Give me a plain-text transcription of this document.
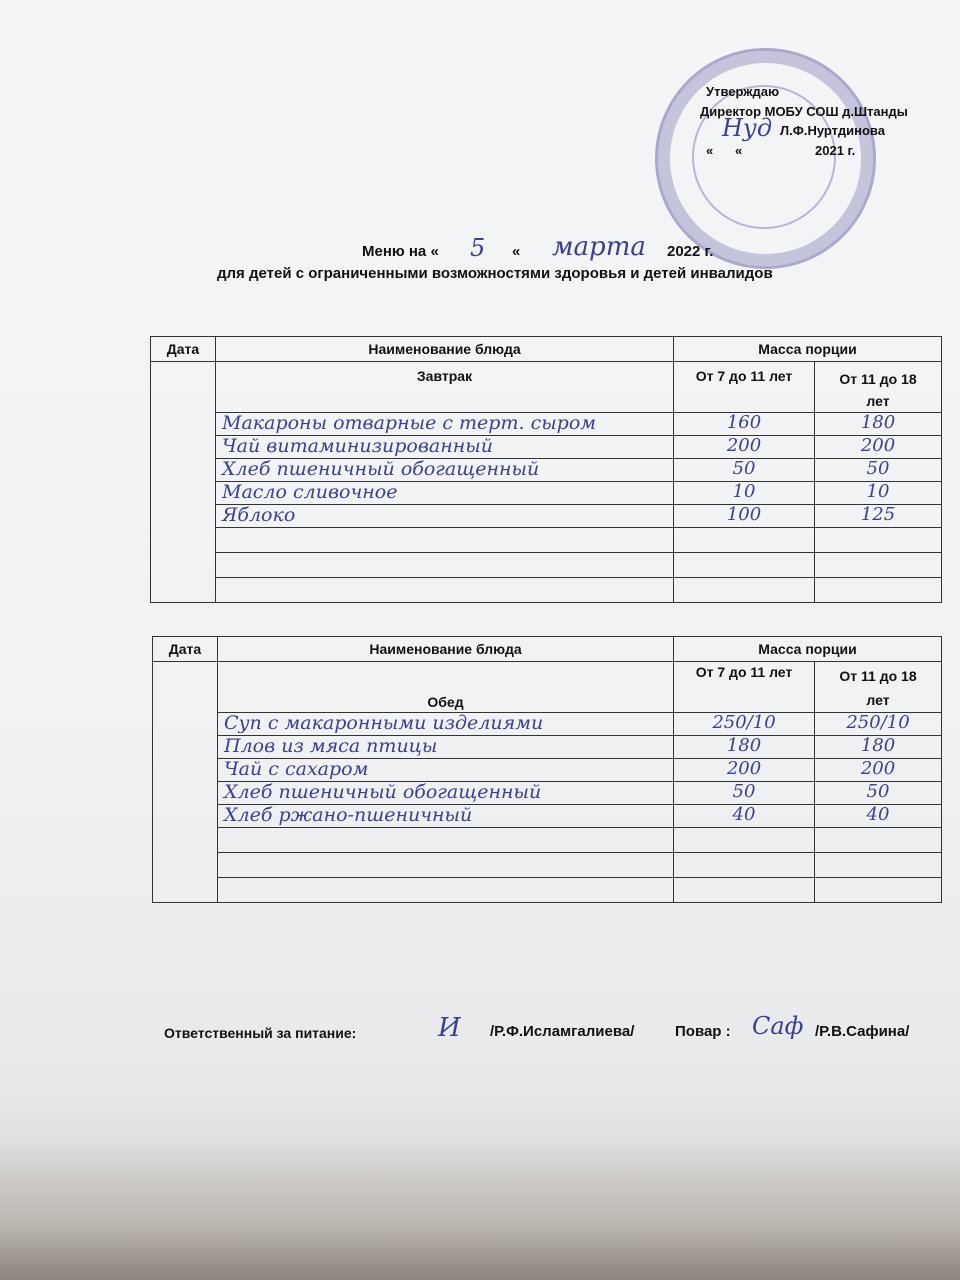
Утверждаю
Директор МОБУ СОШ д.Штанды
Нуд Л.Ф.Нуртдинова
« «	2021 г.
Меню на « 5 « марта 2022 г.
для детей с ограниченными возможностями здоровья и детей инвалидов
Дата	Наименование блюда	Масса порции	

	Завтрак	От 7 до 11 лет	От 11 до 18
лет

	Макароны отварные с терт. сыром	160	180

	Чай витаминизированный	200	200

	Хлеб пшеничный обогащенный	50	50

	Масло сливочное	10	10

	Яблоко	100	125

Дата	Наименование блюда	Масса порции	

	Обед	От 7 до 11 лет	От 11 до 18
лет

	Суп с макаронными изделиями	250/10	250/10

	Плов из мяса птицы	180	180

	Чай с сахаром	200	200

	Хлеб пшеничный обогащенный	50	50

	Хлеб ржано-пшеничный	40	40

Ответственный за питание:	И /Р.Ф.Исламгалиева/	Повар : Саф /Р.В.Сафина/
